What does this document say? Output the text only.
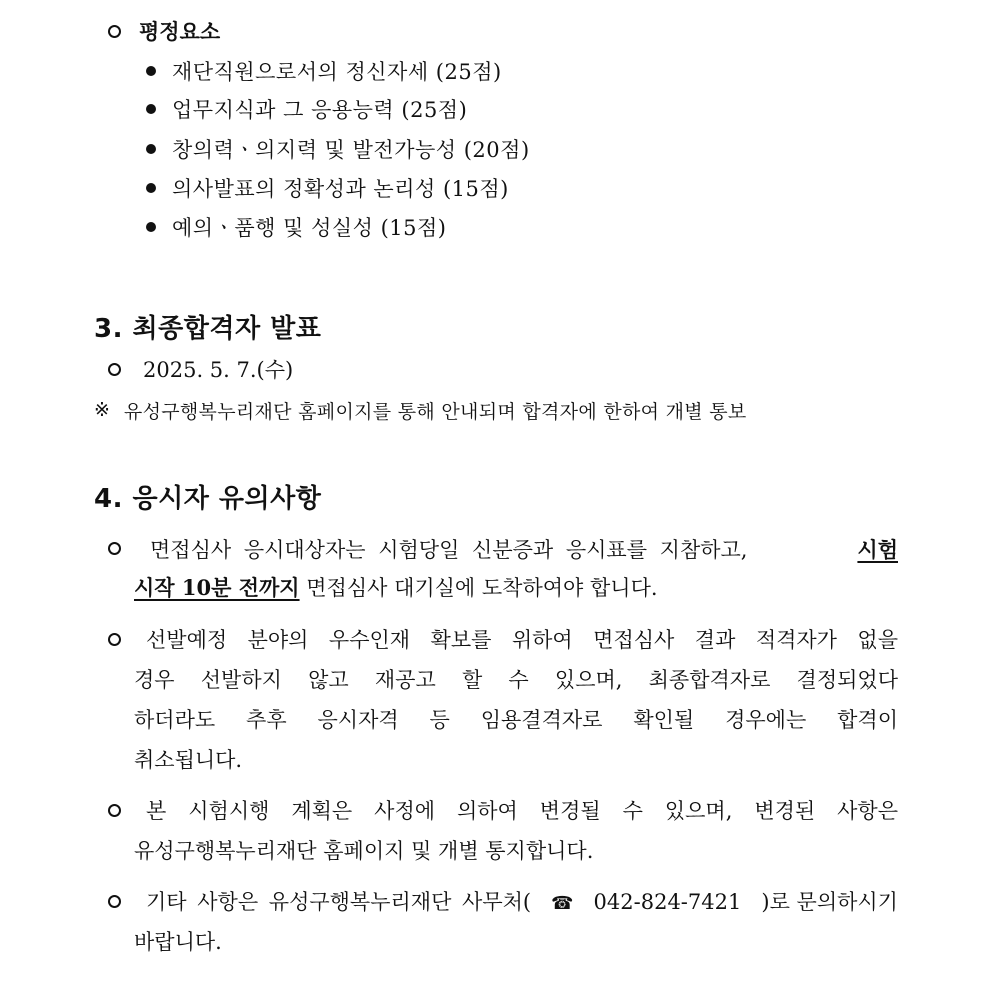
평정요소
재단직원으로서의 정신자세 (25점)
업무지식과 그 응용능력 (25점)
창의력ㆍ의지력 및 발전가능성 (20점)
의사발표의 정확성과 논리성 (15점)
예의ㆍ품행 및 성실성 (15점)
3. 최종합격자 발표
2025. 5. 7.(수)
※ 유성구행복누리재단 홈페이지를 통해 안내되며 합격자에 한하여 개별 통보
4. 응시자 유의사항
면접심사 응시대상자는 시험당일 신분증과 응시표를 지참하고,	시험
시작 10분 전까지 면접심사 대기실에 도착하여야 합니다.
선발예정 분야의 우수인재 확보를 위하여 면접심사 결과 적격자가 없을
경우 선발하지 않고 재공고 할 수 있으며, 최종합격자로 결정되었다
하더라도 추후 응시자격 등 임용결격자로 확인될 경우에는 합격이
취소됩니다.
본 시험시행 계획은 사정에 의하여 변경될 수 있으며, 변경된 사항은
유성구행복누리재단 홈페이지 및 개별 통지합니다.
기타 사항은 유성구행복누리재단 사무처( ☎ 042-824-7421 )로 문의하시기
바랍니다.
